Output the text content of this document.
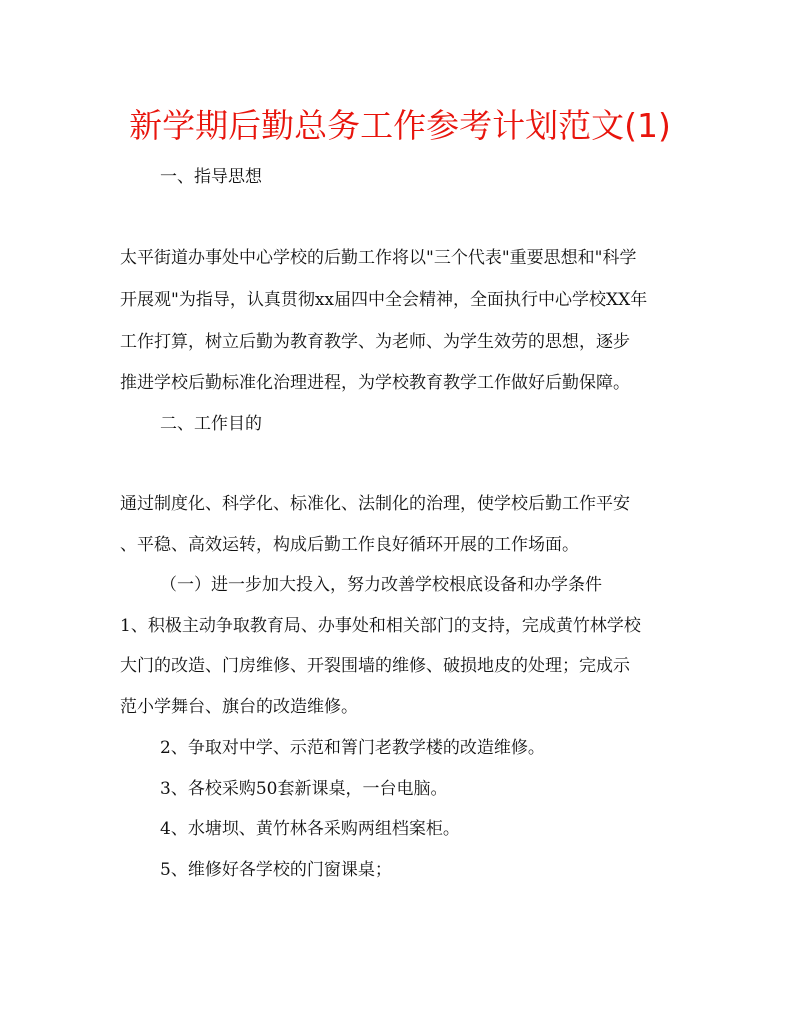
新学期后勤总务工作参考计划范文(1)

一、指导思想

太平街道办事处中心学校的后勤工作将以"三个代表"重要思想和"科学

开展观"为指导，认真贯彻xx届四中全会精神，全面执行中心学校XX年

工作打算，树立后勤为教育教学、为老师、为学生效劳的思想，逐步

推进学校后勤标准化治理进程，为学校教育教学工作做好后勤保障。

二、工作目的

通过制度化、科学化、标准化、法制化的治理，使学校后勤工作平安

、平稳、高效运转，构成后勤工作良好循环开展的工作场面。

（一）进一步加大投入，努力改善学校根底设备和办学条件

1、积极主动争取教育局、办事处和相关部门的支持，完成黄竹林学校

大门的改造、门房维修、开裂围墙的维修、破损地皮的处理；完成示

范小学舞台、旗台的改造维修。

2、争取对中学、示范和箐门老教学楼的改造维修。

3、各校采购50套新课桌，一台电脑。

4、水塘坝、黄竹林各采购两组档案柜。

5、维修好各学校的门窗课桌；
